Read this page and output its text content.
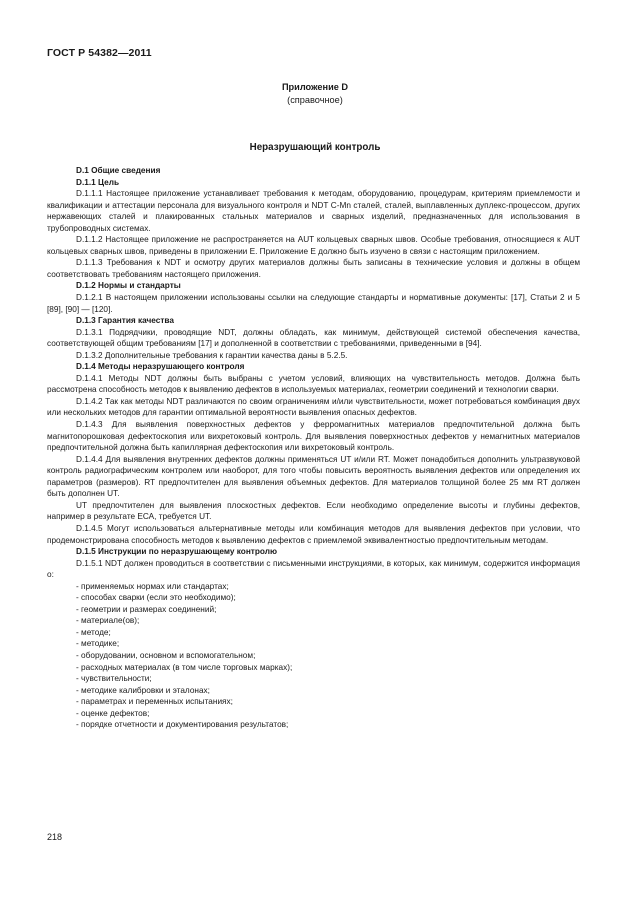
ГОСТ Р 54382—2011
Приложение D
(справочное)
Неразрушающий контроль

D.1 Общие сведения

D.1.1 Цель

D.1.1.1 Настоящее приложение устанавливает требования к методам, оборудованию, процедурам, критериям приемлемости и квалификации и аттестации персонала для визуального контроля и NDT C-Mn сталей, сталей, выплавленных дуплекс-процессом, других нержавеющих сталей и плакированных стальных материалов и сварных изделий, предназначенных для использования в трубопроводных системах.

D.1.1.2 Настоящее приложение не распространяется на AUT кольцевых сварных швов. Особые требования, относящиеся к AUT кольцевых сварных швов, приведены в приложении Е. Приложение Е должно быть изучено в связи с настоящим приложением.

D.1.1.3 Требования к NDT и осмотру других материалов должны быть записаны в технические условия и должны в общем соответствовать требованиям настоящего приложения.

D.1.2 Нормы и стандарты

D.1.2.1 В настоящем приложении использованы ссылки на следующие стандарты и нормативные документы: [17], Статьи 2 и 5 [89], [90] — [120].

D.1.3 Гарантия качества

D.1.3.1 Подрядчики, проводящие NDT, должны обладать, как минимум, действующей системой обеспечения качества, соответствующей общим требованиям [17] и дополненной в соответствии с требованиями, приведенными в [94].

D.1.3.2 Дополнительные требования к гарантии качества даны в 5.2.5.

D.1.4 Методы неразрушающего контроля

D.1.4.1 Методы NDT должны быть выбраны с учетом условий, влияющих на чувствительность методов. Должна быть рассмотрена способность методов к выявлению дефектов в используемых материалах, геометрии соединений и технологии сварки.

D.1.4.2 Так как методы NDT различаются по своим ограничениям и/или чувствительности, может потребоваться комбинация двух или нескольких методов для гарантии оптимальной вероятности выявления опасных дефектов.

D.1.4.3 Для выявления поверхностных дефектов у ферромагнитных материалов предпочтительной должна быть магнитопорошковая дефектоскопия или вихретоковый контроль. Для выявления поверхностных дефектов у немагнитных материалов предпочтительной должна быть капиллярная дефектоскопия или вихретоковый контроль.

D.1.4.4 Для выявления внутренних дефектов должны применяться UT и/или RT. Может понадобиться дополнить ультразвуковой контроль радиографическим контролем или наоборот, для того чтобы повысить вероятность выявления дефектов или определения их параметров (размеров). RT предпочтителен для выявления объемных дефектов. Для материалов толщиной более 25 мм RT должен быть дополнен UT.

UT предпочтителен для выявления плоскостных дефектов. Если необходимо определение высоты и глубины дефектов, например в результате ЕСА, требуется UT.

D.1.4.5 Могут использоваться альтернативные методы или комбинация методов для выявления дефектов при условии, что продемонстрирована способность методов к выявлению дефектов с приемлемой эквивалентностью предпочтительным методам.

D.1.5 Инструкции по неразрушающему контролю

D.1.5.1 NDT должен проводиться в соответствии с письменными инструкциями, в которых, как минимум, содержится информация о:

- применяемых нормах или стандартах;

- способах сварки (если это необходимо);

- геометрии и размерах соединений;

- материале(ов);

- методе;

- методике;

- оборудовании, основном и вспомогательном;

- расходных материалах (в том числе торговых марках);

- чувствительности;

- методике калибровки и эталонах;

- параметрах и переменных испытаниях;

- оценке дефектов;

- порядке отчетности и документирования результатов;

218
